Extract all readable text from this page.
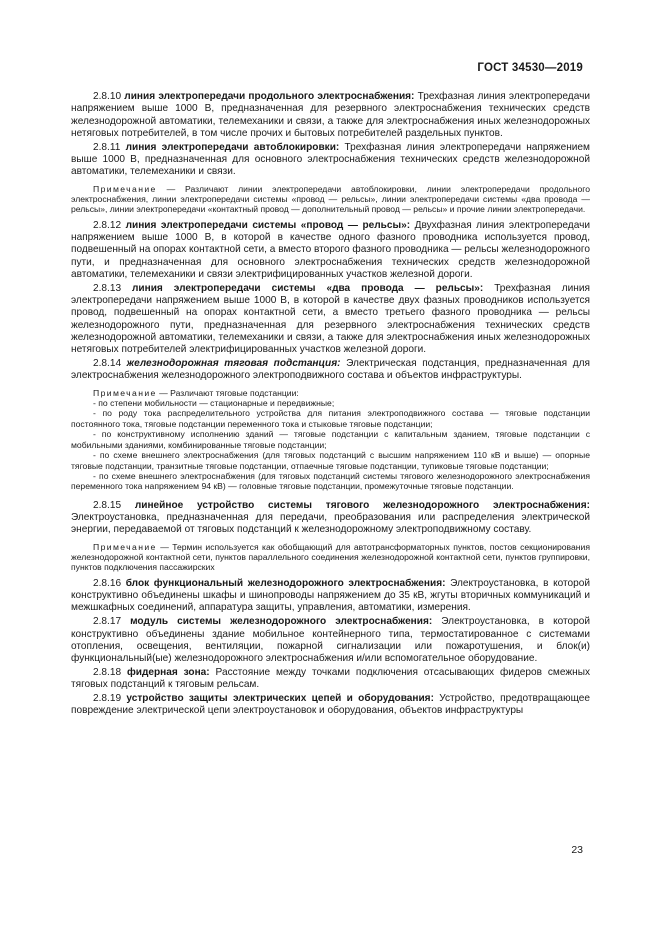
ГОСТ 34530—2019

2.8.10 линия электропередачи продольного электроснабжения: Трехфазная линия электропередачи напряжением выше 1000 В, предназначенная для резервного электроснабжения технических средств железнодорожной автоматики, телемеханики и связи, а также для электроснабжения иных железнодорожных нетяговых потребителей, в том числе прочих и бытовых потребителей раздельных пунктов.

2.8.11 линия электропередачи автоблокировки: Трехфазная линия электропередачи напряжением выше 1000 В, предназначенная для основного электроснабжения технических средств железнодорожной автоматики, телемеханики и связи.

Примечание — Различают линии электропередачи автоблокировки, линии электропередачи продольного электроснабжения, линии электропередачи системы «провод — рельсы», линии электропередачи системы «два провода — рельсы», линии электропередачи «контактный провод — дополнительный провод — рельсы» и прочие линии электропередачи.

2.8.12 линия электропередачи системы «провод — рельсы»: Двухфазная линия электропередачи напряжением выше 1000 В, в которой в качестве одного фазного проводника используется провод, подвешенный на опорах контактной сети, а вместо второго фазного проводника — рельсы железнодорожного пути, и предназначенная для основного электроснабжения технических средств железнодорожной автоматики, телемеханики и связи электрифицированных участков железной дороги.

2.8.13 линия электропередачи системы «два провода — рельсы»: Трехфазная линия электропередачи напряжением выше 1000 В, в которой в качестве двух фазных проводников используется провод, подвешенный на опорах контактной сети, а вместо третьего фазного проводника — рельсы железнодорожного пути, предназначенная для резервного электроснабжения технических средств железнодорожной автоматики, телемеханики и связи, а также для электроснабжения иных железнодорожных нетяговых потребителей электрифицированных участков железной дороги.

2.8.14 железнодорожная тяговая подстанция: Электрическая подстанция, предназначенная для электроснабжения железнодорожного электроподвижного состава и объектов инфраструктуры.

Примечание — Различают тяговые подстанции:

- по степени мобильности — стационарные и передвижные;

- по роду тока распределительного устройства для питания электроподвижного состава — тяговые подстанции постоянного тока, тяговые подстанции переменного тока и стыковые тяговые подстанции;

- по конструктивному исполнению зданий — тяговые подстанции с капитальным зданием, тяговые подстанции с мобильными зданиями, комбинированные тяговые подстанции;

- по схеме внешнего электроснабжения (для тяговых подстанций с высшим напряжением 110 кВ и выше) — опорные тяговые подстанции, транзитные тяговые подстанции, отпаечные тяговые подстанции, тупиковые тяговые подстанции;

- по схеме внешнего электроснабжения (для тяговых подстанций системы тягового железнодорожного электроснабжения переменного тока напряжением 94 кВ) — головные тяговые подстанции, промежуточные тяговые подстанции.

2.8.15 линейное устройство системы тягового железнодорожного электроснабжения: Электроустановка, предназначенная для передачи, преобразования или распределения электрической энергии, передаваемой от тяговых подстанций к железнодорожному электроподвижному составу.

Примечание — Термин используется как обобщающий для автотрансформаторных пунктов, постов секционирования железнодорожной контактной сети, пунктов параллельного соединения железнодорожной контактной сети, пунктов группировки, пунктов подключения пассажирских

2.8.16 блок функциональный железнодорожного электроснабжения: Электроустановка, в которой конструктивно объединены шкафы и шинопроводы напряжением до 35 кВ, жгуты вторичных коммуникаций и межшкафных соединений, аппаратура защиты, управления, автоматики, измерения.

2.8.17 модуль системы железнодорожного электроснабжения: Электроустановка, в которой конструктивно объединены здание мобильное контейнерного типа, термостатированное с системами отопления, освещения, вентиляции, пожарной сигнализации или пожаротушения, и блок(и) функциональный(ые) железнодорожного электроснабжения и/или вспомогательное оборудование.

2.8.18 фидерная зона: Расстояние между точками подключения отсасывающих фидеров смежных тяговых подстанций к тяговым рельсам.

2.8.19 устройство защиты электрических цепей и оборудования: Устройство, предотвращающее повреждение электрической цепи электроустановок и оборудования, объектов инфраструктуры

23
